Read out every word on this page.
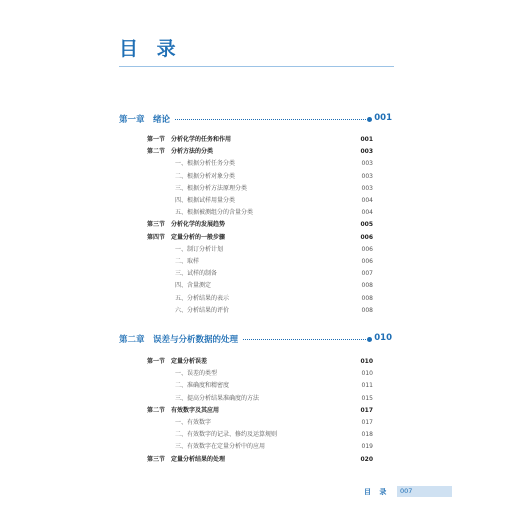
目 录
第一章　绪论	001
第一节　分析化学的任务和作用	001
第二节　分析方法的分类	003
一、根据分析任务分类	003
二、根据分析对象分类	003
三、根据分析方法原理分类	003
四、根据试样用量分类	004
五、根据被测组分的含量分类	004
第三节　分析化学的发展趋势	005
第四节　定量分析的一般步骤	006
一、制订分析计划	006
二、取样	006
三、试样的制备	007
四、含量测定	008
五、分析结果的表示	008
六、分析结果的评价	008
第二章　误差与分析数据的处理	010
第一节　定量分析误差	010
一、误差的类型	010
二、准确度和精密度	011
三、提高分析结果准确度的方法	015
第二节　有效数字及其应用	017
一、有效数字	017
二、有效数字的记录、修约及运算规则	018
三、有效数字在定量分析中的应用	019
第三节　定量分析结果的处理	020
目 录	007
